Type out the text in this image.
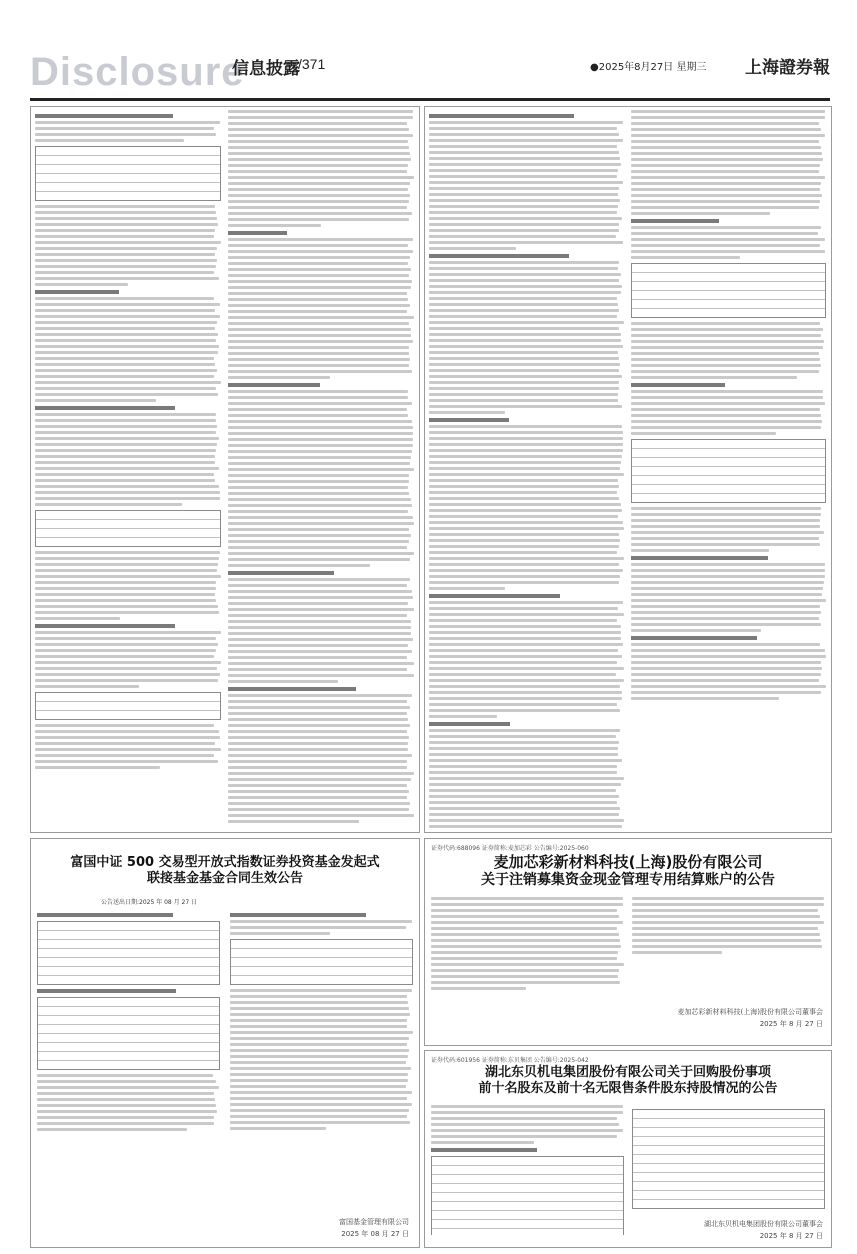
Disclosure
信息披露
/371	●2025年8月27日 星期三 上海證券報
富国中证 500 交易型开放式指数证券投资基金发起式
联接基金基金合同生效公告
公告送出日期:2025 年 08 月 27 日
富国基金管理有限公司
2025 年 08 月 27 日
证券代码:688096 证券简称:麦加芯彩 公告编号:2025-060
麦加芯彩新材料科技(上海)股份有限公司
关于注销募集资金现金管理专用结算账户的公告
麦加芯彩新材料科技(上海)股份有限公司董事会
2025 年 8 月 27 日
证券代码:601956 证券简称:东贝集团 公告编号:2025-042
湖北东贝机电集团股份有限公司关于回购股份事项
前十名股东及前十名无限售条件股东持股情况的公告
湖北东贝机电集团股份有限公司董事会
2025 年 8 月 27 日
